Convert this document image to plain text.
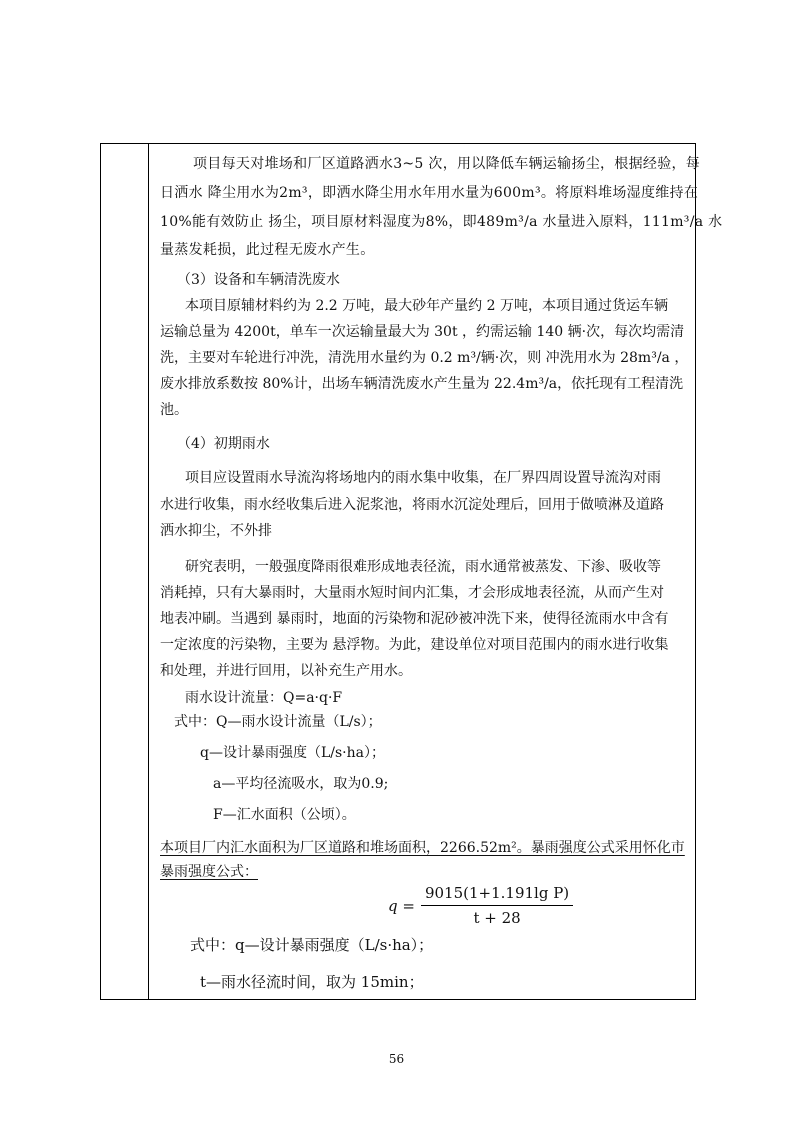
项目每天对堆场和厂区道路洒水3~5 次，用以降低车辆运输扬尘，根据经验，每
日洒水 降尘用水为2m³，即洒水降尘用水年用水量为600m³。将原料堆场湿度维持在
10%能有效防止 扬尘，项目原材料湿度为8%，即489m³/a 水量进入原料，111m³/a 水
量蒸发耗损，此过程无废水产生。
（3）设备和车辆清洗废水
本项目原辅材料约为 2.2 万吨，最大砂年产量约 2 万吨，本项目通过货运车辆
运输总量为 4200t，单车一次运输量最大为 30t ，约需运输 140 辆·次，每次均需清
洗，主要对车轮进行冲洗，清洗用水量约为 0.2 m³/辆·次，则 冲洗用水为 28m³/a ，
废水排放系数按 80%计，出场车辆清洗废水产生量为 22.4m³/a，依托现有工程清洗
池。
（4）初期雨水
项目应设置雨水导流沟将场地内的雨水集中收集，在厂界四周设置导流沟对雨
水进行收集，雨水经收集后进入泥浆池，将雨水沉淀处理后，回用于做喷淋及道路
洒水抑尘，不外排
研究表明，一般强度降雨很难形成地表径流，雨水通常被蒸发、下渗、吸收等
消耗掉，只有大暴雨时，大量雨水短时间内汇集，才会形成地表径流，从而产生对
地表冲刷。当遇到 暴雨时，地面的污染物和泥砂被冲洗下来，使得径流雨水中含有
一定浓度的污染物，主要为 悬浮物。为此，建设单位对项目范围内的雨水进行收集
和处理，并进行回用，以补充生产用水。
雨水设计流量：Q=a·q·F
式中：Q—雨水设计流量（L/s）；
q—设计暴雨强度（L/s·ha）；
a—平均径流吸水，取为0.9;
F—汇水面积（公顷）。
本项目厂内汇水面积为厂区道路和堆场面积，2266.52m²。暴雨强度公式采用怀化市
暴雨强度公式：
$q = \frac{\text{9015(1+1.191lg P)}}{t + 28}$
式中：q—设计暴雨强度（L/s·ha）；
t—雨水径流时间，取为 15min；
56
